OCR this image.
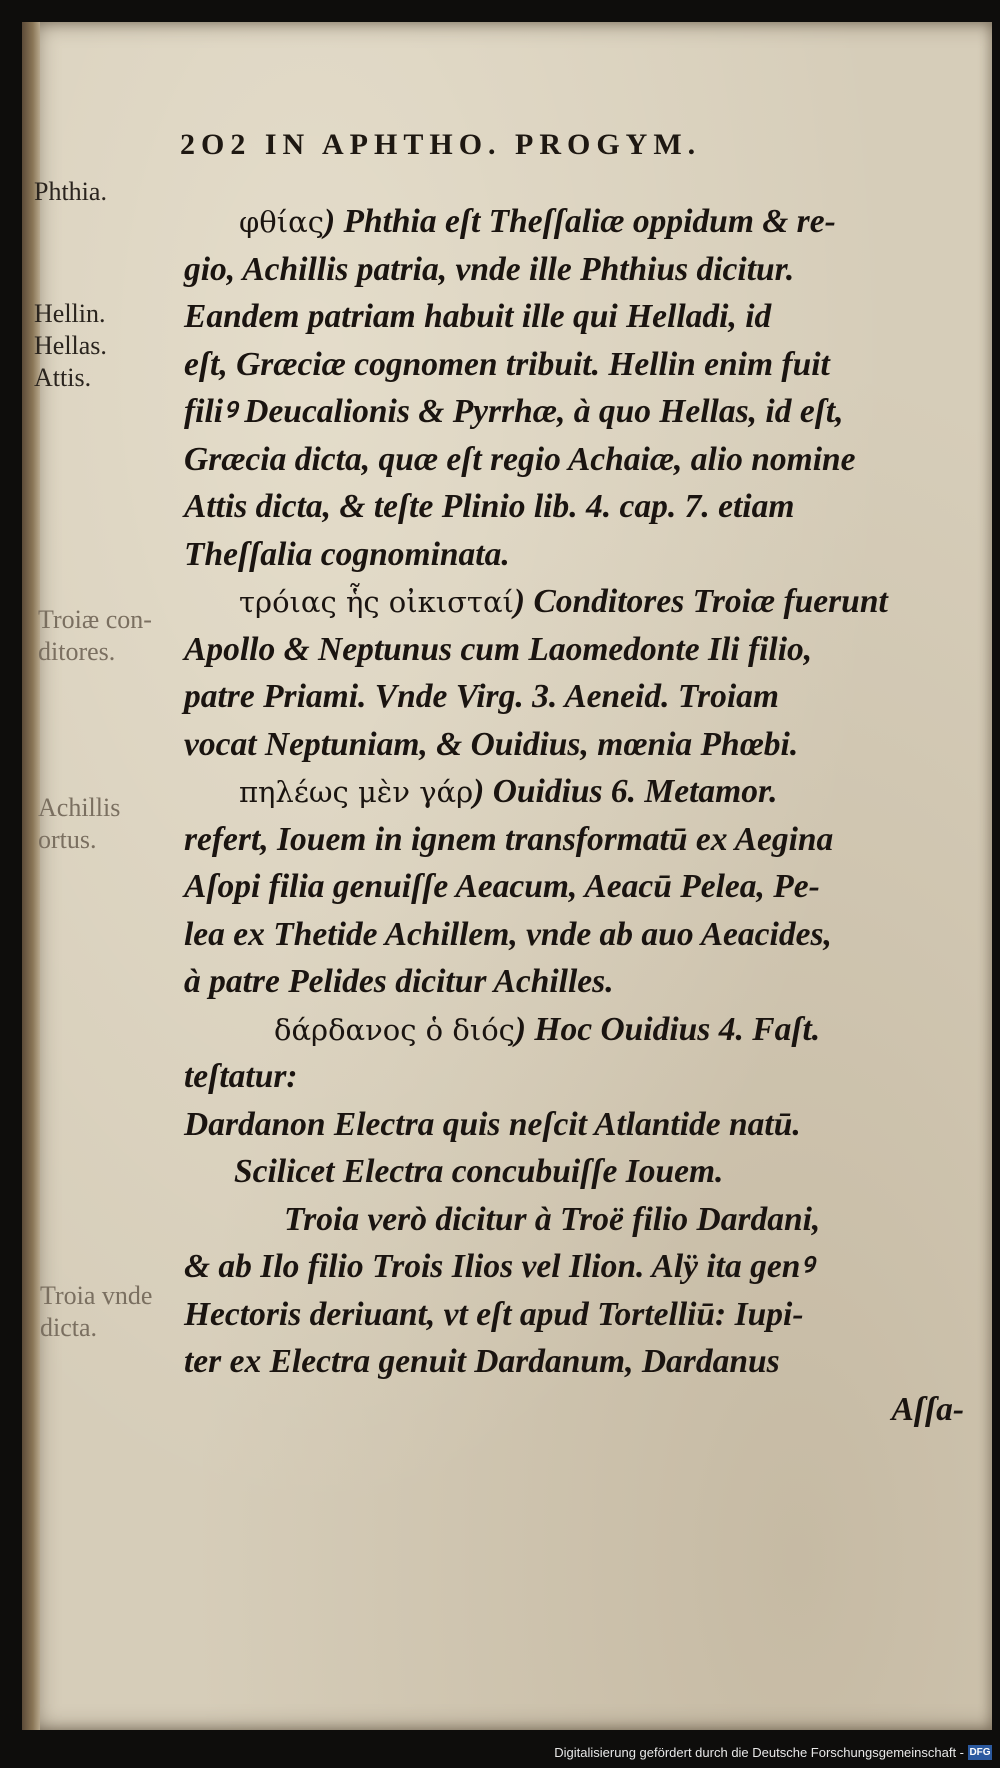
2O2 IN APHTHO. PROGYM.
Phthia.
Hellin.
Hellas.
Attis.
Troiæ con-
ditores.
Achillis
ortus.
Troia vnde
dicta.
φθίας) Phthia eſt Theſſaliæ oppidum & re-
gio, Achillis patria, vnde ille Phthius dicitur.
Eandem patriam habuit ille qui Helladi, id
eſt, Græciæ cognomen tribuit. Hellin enim fuit
filiꝰ Deucalionis & Pyrrhæ, à quo Hellas, id eſt,
Græcia dicta, quæ eſt regio Achaiæ, alio nomine
Attis dicta, & teſte Plinio lib. 4. cap. 7. etiam
Theſſalia cognominata.
τρόιας ἧς οἰκισταί) Conditores Troiæ fuerunt
Apollo & Neptunus cum Laomedonte Ili filio,
patre Priami. Vnde Virg. 3. Aeneid. Troiam
vocat Neptuniam, & Ouidius, mœnia Phœbi.
πηλέως μὲν γάρ) Ouidius 6. Metamor.
refert, Iouem in ignem transformatū ex Aegina
Aſopi filia genuiſſe Aeacum, Aeacū Pelea, Pe-
lea ex Thetide Achillem, vnde ab auo Aeacides,
à patre Pelides dicitur Achilles.
δάρδανος ὁ διός) Hoc Ouidius 4. Faſt.
teſtatur:
Dardanon Electra quis neſcit Atlantide natū.
Scilicet Electra concubuiſſe Iouem.
Troia verò dicitur à Troë filio Dardani,
& ab Ilo filio Trois Ilios vel Ilion. Alÿ ita genꝰ
Hectoris deriuant, vt eſt apud Tortelliū: Iupi-
ter ex Electra genuit Dardanum, Dardanus
Aſſa-
Digitalisierung gefördert durch die Deutsche Forschungsgemeinschaft - DFG
